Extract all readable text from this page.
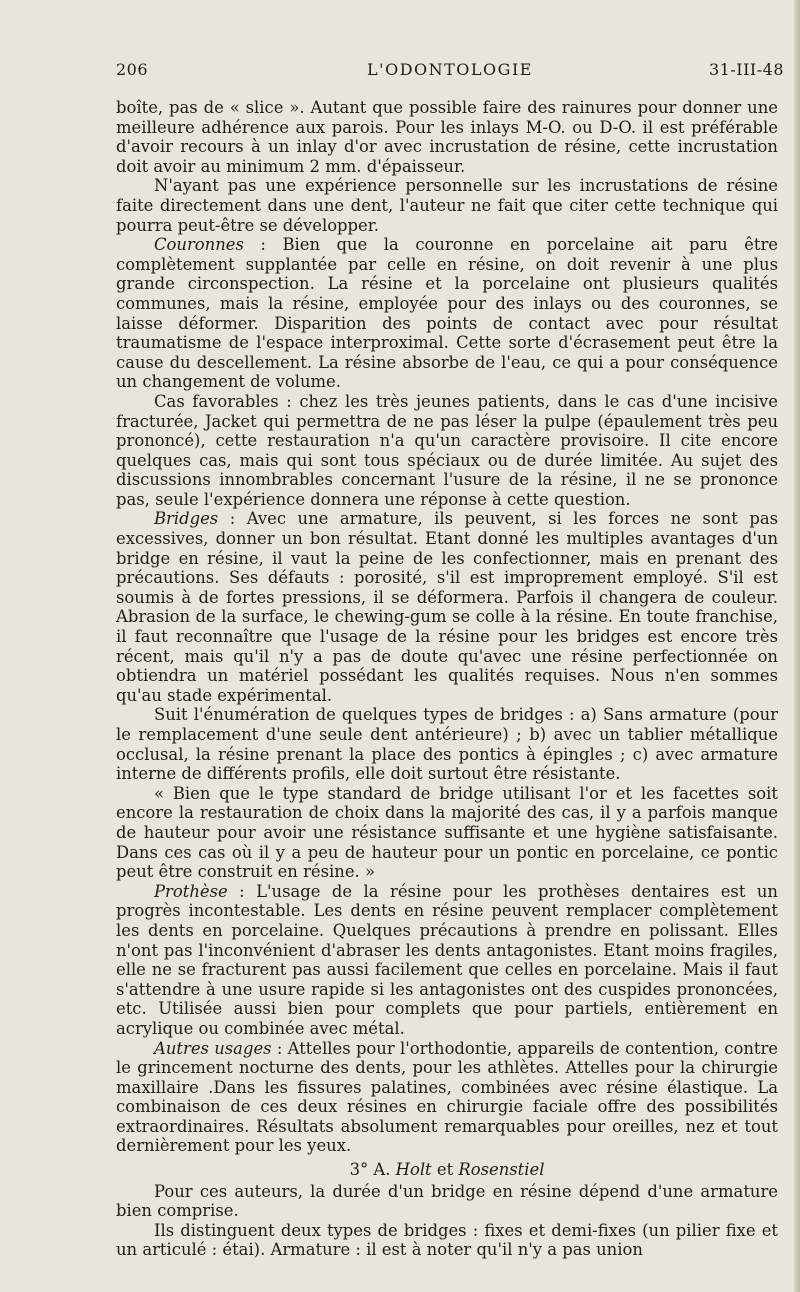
206	L'ODONTOLOGIE	31-III-48

boîte, pas de « slice ». Autant que possible faire des rainures pour donner une meilleure adhérence aux parois. Pour les inlays M-O. ou D-O. il est préférable d'avoir recours à un inlay d'or avec incrustation de résine, cette incrustation doit avoir au minimum 2 mm. d'épaisseur.

N'ayant pas une expérience personnelle sur les incrustations de résine faite directement dans une dent, l'auteur ne fait que citer cette technique qui pourra peut-être se développer.

Couronnes : Bien que la couronne en porcelaine ait paru être complètement supplantée par celle en résine, on doit revenir à une plus grande circonspection. La résine et la porcelaine ont plusieurs qualités communes, mais la résine, employée pour des inlays ou des couronnes, se laisse déformer. Disparition des points de contact avec pour résultat traumatisme de l'espace interproximal. Cette sorte d'écrasement peut être la cause du descellement. La résine absorbe de l'eau, ce qui a pour conséquence un changement de volume.

Cas favorables : chez les très jeunes patients, dans le cas d'une incisive fracturée, Jacket qui permettra de ne pas léser la pulpe (épaulement très peu prononcé), cette restauration n'a qu'un caractère provisoire. Il cite encore quelques cas, mais qui sont tous spéciaux ou de durée limitée. Au sujet des discussions innombrables concernant l'usure de la résine, il ne se prononce pas, seule l'expérience donnera une réponse à cette question.

Bridges : Avec une armature, ils peuvent, si les forces ne sont pas excessives, donner un bon résultat. Etant donné les multiples avantages d'un bridge en résine, il vaut la peine de les confectionner, mais en prenant des précautions. Ses défauts : porosité, s'il est improprement employé. S'il est soumis à de fortes pressions, il se déformera. Parfois il changera de couleur. Abrasion de la surface, le chewing-gum se colle à la résine. En toute franchise, il faut reconnaître que l'usage de la résine pour les bridges est encore très récent, mais qu'il n'y a pas de doute qu'avec une résine perfectionnée on obtiendra un matériel possédant les qualités requises. Nous n'en sommes qu'au stade expérimental.

Suit l'énumération de quelques types de bridges : a) Sans armature (pour le remplacement d'une seule dent antérieure) ; b) avec un tablier métallique occlusal, la résine prenant la place des pontics à épingles ; c) avec armature interne de différents profils, elle doit surtout être résistante.

« Bien que le type standard de bridge utilisant l'or et les facettes soit encore la restauration de choix dans la majorité des cas, il y a parfois manque de hauteur pour avoir une résistance suffisante et une hygiène satisfaisante. Dans ces cas où il y a peu de hauteur pour un pontic en porcelaine, ce pontic peut être construit en résine. »

Prothèse : L'usage de la résine pour les prothèses dentaires est un progrès incontestable. Les dents en résine peuvent remplacer complètement les dents en porcelaine. Quelques précautions à prendre en polissant. Elles n'ont pas l'inconvénient d'abraser les dents antagonistes. Etant moins fragiles, elle ne se fracturent pas aussi facilement que celles en porcelaine. Mais il faut s'attendre à une usure rapide si les antagonistes ont des cuspides prononcées, etc. Utilisée aussi bien pour complets que pour partiels, entièrement en acrylique ou combinée avec métal.

Autres usages : Attelles pour l'orthodontie, appareils de contention, contre le grincement nocturne des dents, pour les athlètes. Attelles pour la chirurgie maxillaire .Dans les fissures palatines, combinées avec résine élastique. La combinaison de ces deux résines en chirurgie faciale offre des possibilités extraordinaires. Résultats absolument remarquables pour oreilles, nez et tout dernièrement pour les yeux.

3° A. Holt et Rosenstiel

Pour ces auteurs, la durée d'un bridge en résine dépend d'une armature bien comprise.

Ils distinguent deux types de bridges : fixes et demi-fixes (un pilier fixe et un articulé : étai). Armature : il est à noter qu'il n'y a pas union
